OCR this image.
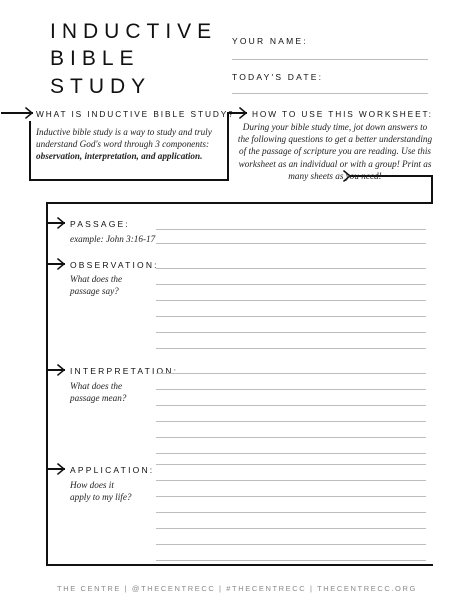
INDUCTIVE
BIBLE
STUDY
YOUR NAME:
TODAY'S DATE:
WHAT IS INDUCTIVE BIBLE STUDY?
Inductive bible study is a way to study and truly understand God's word through 3 components: observation, interpretation, and application.
HOW TO USE THIS WORKSHEET:
During your bible study time, jot down answers to the following questions to get a better understanding of the passage of scripture you are reading. Use this worksheet as an individual or with a group! Print as many sheets as you need!
PASSAGE:
example: John 3:16-17
OBSERVATION:
What does the
passage say?
INTERPRETATION:
What does the
passage mean?
APPLICATION:
How does it
apply to my life?
THE CENTRE | @THECENTRECC | #THECENTRECC | THECENTRECC.ORG
